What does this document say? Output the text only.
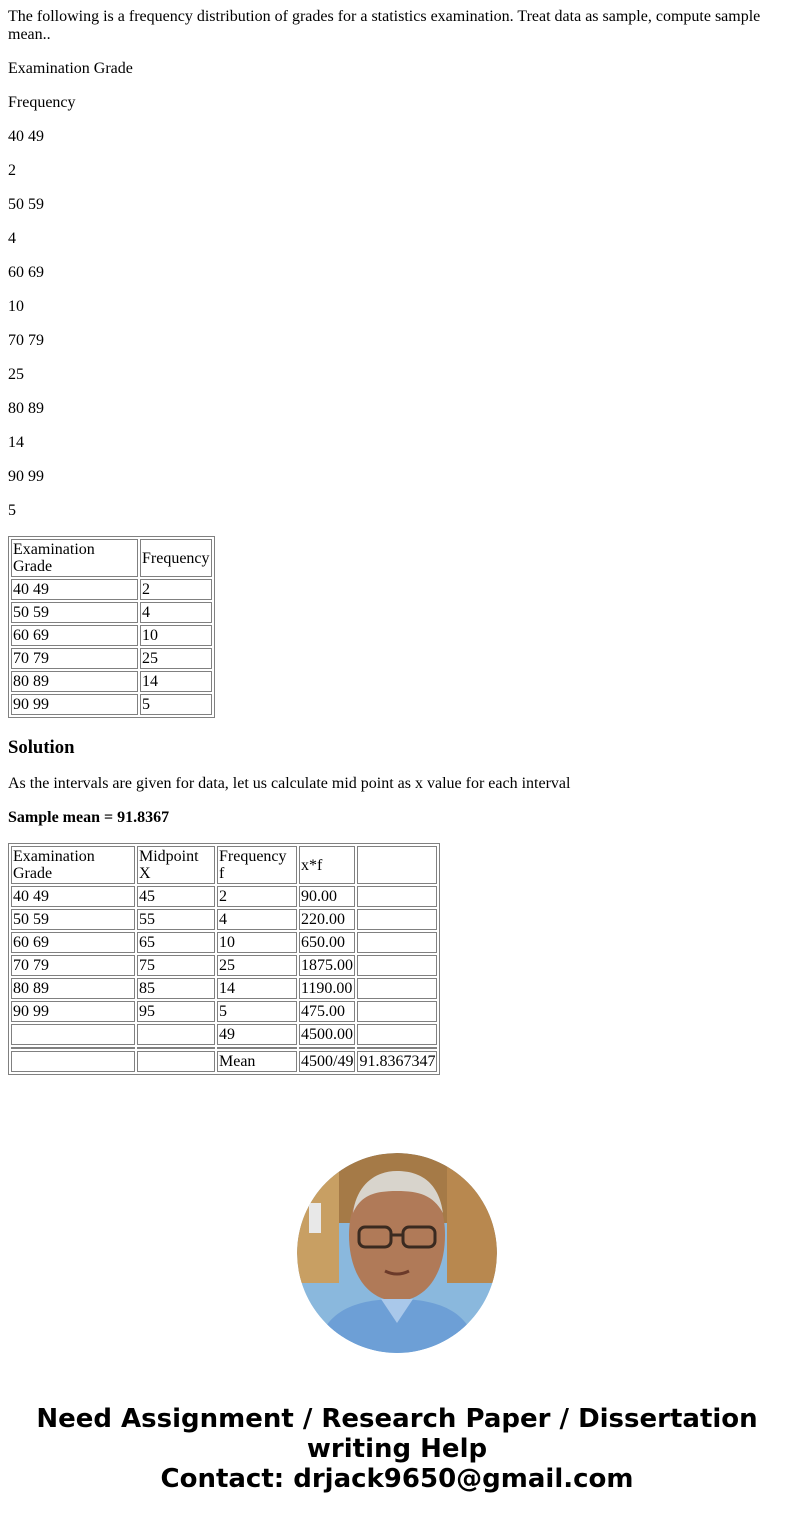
The following is a frequency distribution of grades for a statistics examination. Treat data as sample, compute sample mean..

Examination Grade

Frequency

40 49

2

50 59

4

60 69

10

70 79

25

80 89

14

90 99

5

Examination Grade	Frequency
40 49	2
50 59	4
60 69	10
70 79	25
80 89	14
90 99	5
Solution

As the intervals are given for data, let us calculate mid point as x value for each interval

Sample mean = 91.8367

Examination Grade	Midpoint X	Frequency f	x*f	
40 49	45	2	90.00	
50 59	55	4	220.00	
60 69	65	10	650.00	
70 79	75	25	1875.00	
80 89	85	14	1190.00	
90 99	95	5	475.00	
		49	4500.00	

		Mean	4500/49	91.8367347
Need Assignment / Research Paper / Dissertation
writing Help
Contact: drjack9650@gmail.com
